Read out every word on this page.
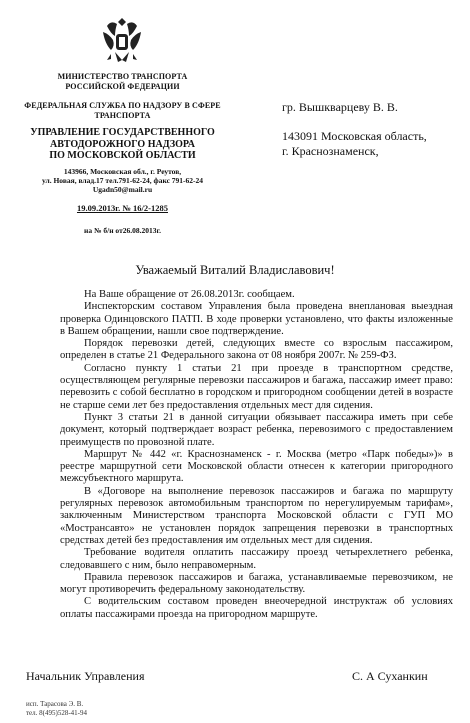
МИНИСТЕРСТВО ТРАНСПОРТА
РОССИЙСКОЙ ФЕДЕРАЦИИ
ФЕДЕРАЛЬНАЯ СЛУЖБА ПО НАДЗОРУ В СФЕРЕ
ТРАНСПОРТА
УПРАВЛЕНИЕ ГОСУДАРСТВЕННОГО
АВТОДОРОЖНОГО НАДЗОРА
ПО МОСКОВСКОЙ ОБЛАСТИ
143966, Московская обл., г. Реутов,
ул. Новая, влад.17 тел.791-62-24, факс 791-62-24
Ugadn50@mail.ru
19.09.2013г. № 16/2-1285
на № б/н от26.08.2013г.
гр. Вышкварцеву В. В.
143091 Московская область,
г. Краснознаменск,
Уважаемый Виталий Владиславович!

На Ваше обращение от 26.08.2013г. сообщаем.

Инспекторским составом Управления была проведена внеплановая выездная проверка Одинцовского ПАТП. В ходе проверки установлено, что факты изложенные в Вашем обращении, нашли свое подтверждение.

Порядок перевозки детей, следующих вместе со взрослым пассажиром, определен в статье 21 Федерального закона от 08 ноября 2007г. № 259-ФЗ.

Согласно пункту 1 статьи 21 при проезде в транспортном средстве, осуществляющем регулярные перевозки пассажиров и багажа, пассажир имеет право: перевозить с собой бесплатно в городском и пригородном сообщении детей в возрасте не старше семи лет без предоставления отдельных мест для сидения.

Пункт 3 статьи 21 в данной ситуации обязывает пассажира иметь при себе документ, который подтверждает возраст ребенка, перевозимого с предоставлением преимуществ по провозной плате.

Маршрут № 442 «г. Краснознаменск - г. Москва (метро «Парк победы»)» в реестре маршрутной сети Московской области отнесен к категории пригородного межсубъектного маршрута.

В «Договоре на выполнение перевозок пассажиров и багажа по маршруту регулярных перевозок автомобильным транспортом по нерегулируемым тарифам», заключенным Министерством транспорта Московской области с ГУП МО «Мострансавто» не установлен порядок запрещения перевозки в транспортных средствах детей без предоставления им отдельных мест для сидения.

Требование водителя оплатить пассажиру проезд четырехлетнего ребенка, следовавшего с ним, было неправомерным.

Правила перевозок пассажиров и багажа, устанавливаемые перевозчиком, не могут противоречить федеральному законодательству.

С водительским составом проведен внеочередной инструктаж об условиях оплаты пассажирами проезда на пригородном маршруте.

Начальник Управления	С. А Суханкин
исп. Тарасова Э. В.
тел. 8(495)528-41-94
